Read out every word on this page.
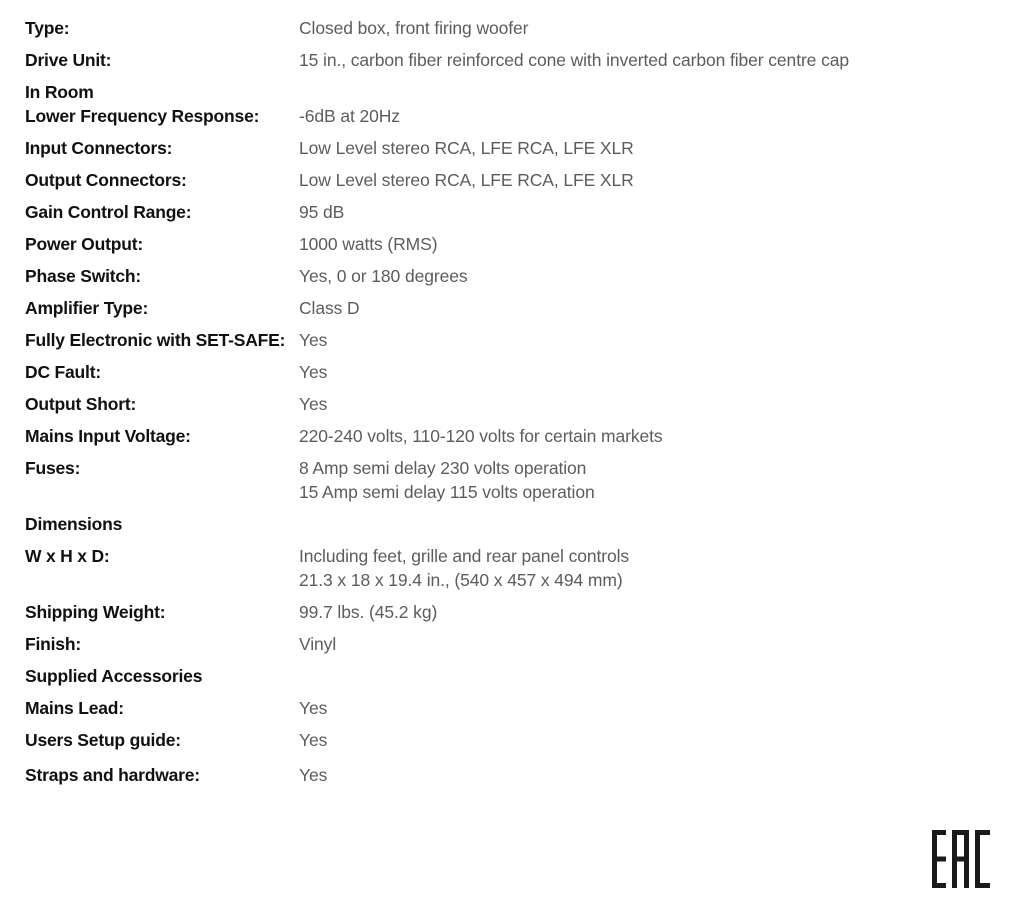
Type:	Closed box, front firing woofer
Drive Unit:	15 in., carbon fiber reinforced cone with inverted carbon fiber centre cap
In Room
Lower Frequency Response: -6dB at 20Hz
Input Connectors:	Low Level stereo RCA, LFE RCA, LFE XLR
Output Connectors:	Low Level stereo RCA, LFE RCA, LFE XLR
Gain Control Range:	95 dB
Power Output:	1000 watts (RMS)
Phase Switch:	Yes, 0 or 180 degrees
Amplifier Type:	Class D
Fully Electronic with SET-SAFE: Yes
DC Fault:	Yes
Output Short:	Yes
Mains Input Voltage:	220-240 volts, 110-120 volts for certain markets
Fuses:	8 Amp semi delay 230 volts operation
15 Amp semi delay 115 volts operation
Dimensions
W x H x D:	Including feet, grille and rear panel controls
21.3 x 18 x 19.4 in., (540 x 457 x 494 mm)
Shipping Weight:	99.7 lbs. (45.2 kg)
Finish:	Vinyl
Supplied Accessories
Mains Lead:	Yes
Users Setup guide:	Yes
Straps and hardware:	Yes
